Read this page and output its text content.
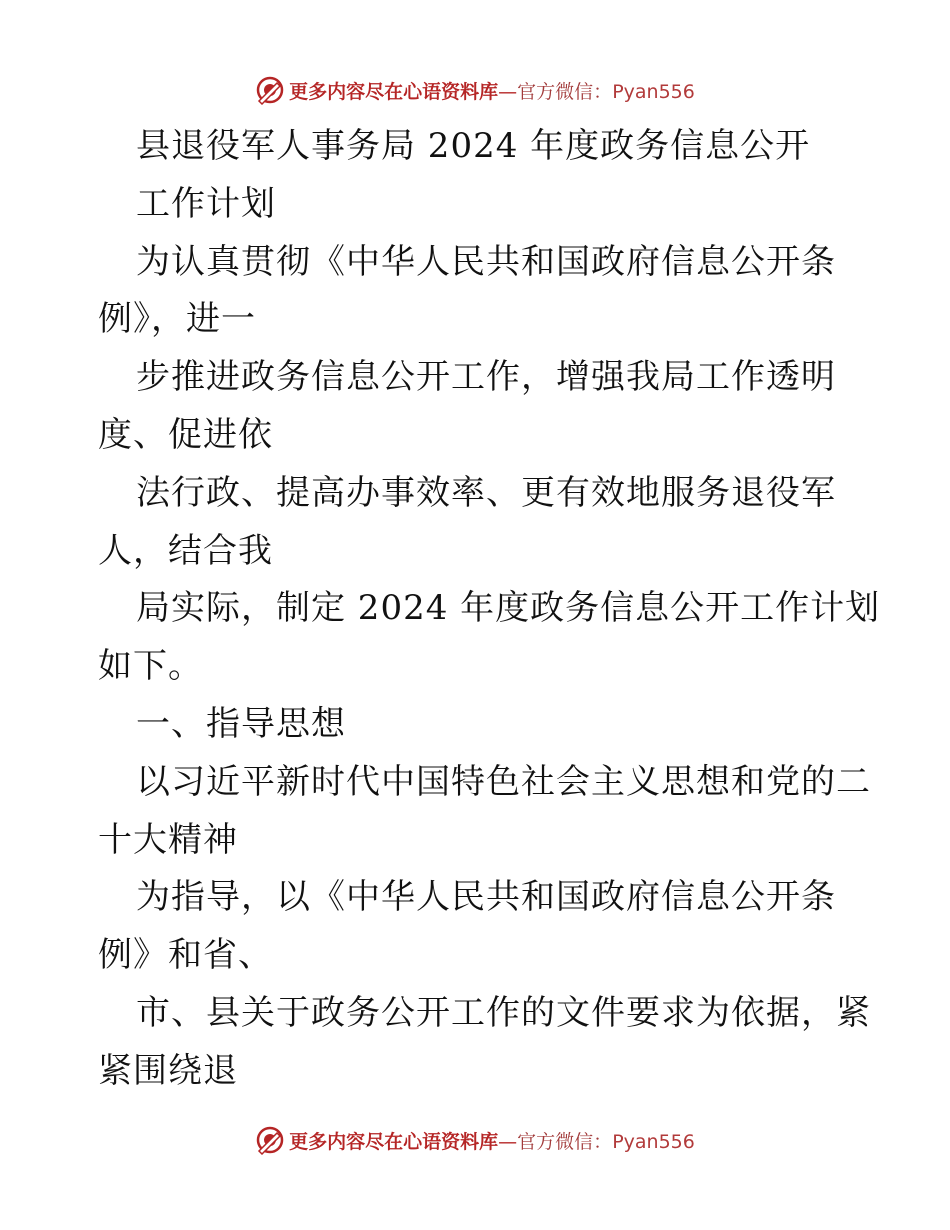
更多内容尽在心语资料库—官方微信：Pyan556
县退役军人事务局 2024 年度政务信息公开
工作计划
为认真贯彻《中华人民共和国政府信息公开条
例》，进一
步推进政务信息公开工作，增强我局工作透明
度、促进依
法行政、提高办事效率、更有效地服务退役军
人，结合我
局实际，制定 2024 年度政务信息公开工作计划
如下。
一、指导思想
以习近平新时代中国特色社会主义思想和党的二
十大精神
为指导，以《中华人民共和国政府信息公开条
例》和省、
市、县关于政务公开工作的文件要求为依据，紧
紧围绕退
更多内容尽在心语资料库—官方微信：Pyan556
